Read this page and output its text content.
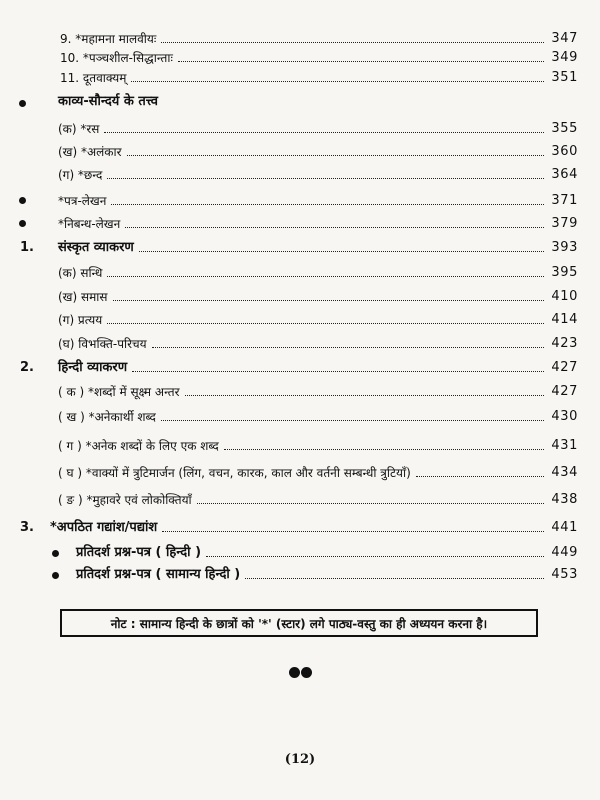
9. *महामना मालवीयः	347
10. *पञ्चशील-सिद्धान्ताः	349
11. दूतवाक्यम्	351
काव्य-सौन्दर्य के तत्त्व
(क) *रस	355
(ख) *अलंकार	360
(ग) *छन्द	364
*पत्र-लेखन	371
*निबन्ध-लेखन	379
1. संस्कृत व्याकरण	393
(क) सन्धि	395
(ख) समास	410
(ग) प्रत्यय	414
(घ) विभक्ति-परिचय	423
2. हिन्दी व्याकरण	427
( क ) *शब्दों में सूक्ष्म अन्तर	427
( ख ) *अनेकार्थी शब्द	430
( ग ) *अनेक शब्दों के लिए एक शब्द	431
( घ ) *वाक्यों में त्रुटिमार्जन (लिंग, वचन, कारक, काल और वर्तनी सम्बन्धी त्रुटियाँ)	434
( ङ ) *मुहावरे एवं लोकोक्तियाँ	438
3. *अपठित गद्यांश/पद्यांश	441
प्रतिदर्श प्रश्न-पत्र ( हिन्दी )	449
प्रतिदर्श प्रश्न-पत्र ( सामान्य हिन्दी )	453
नोट : सामान्य हिन्दी के छात्रों को '*' (स्टार) लगे पाठ्य-वस्तु का ही अध्ययन करना है।
(12)
